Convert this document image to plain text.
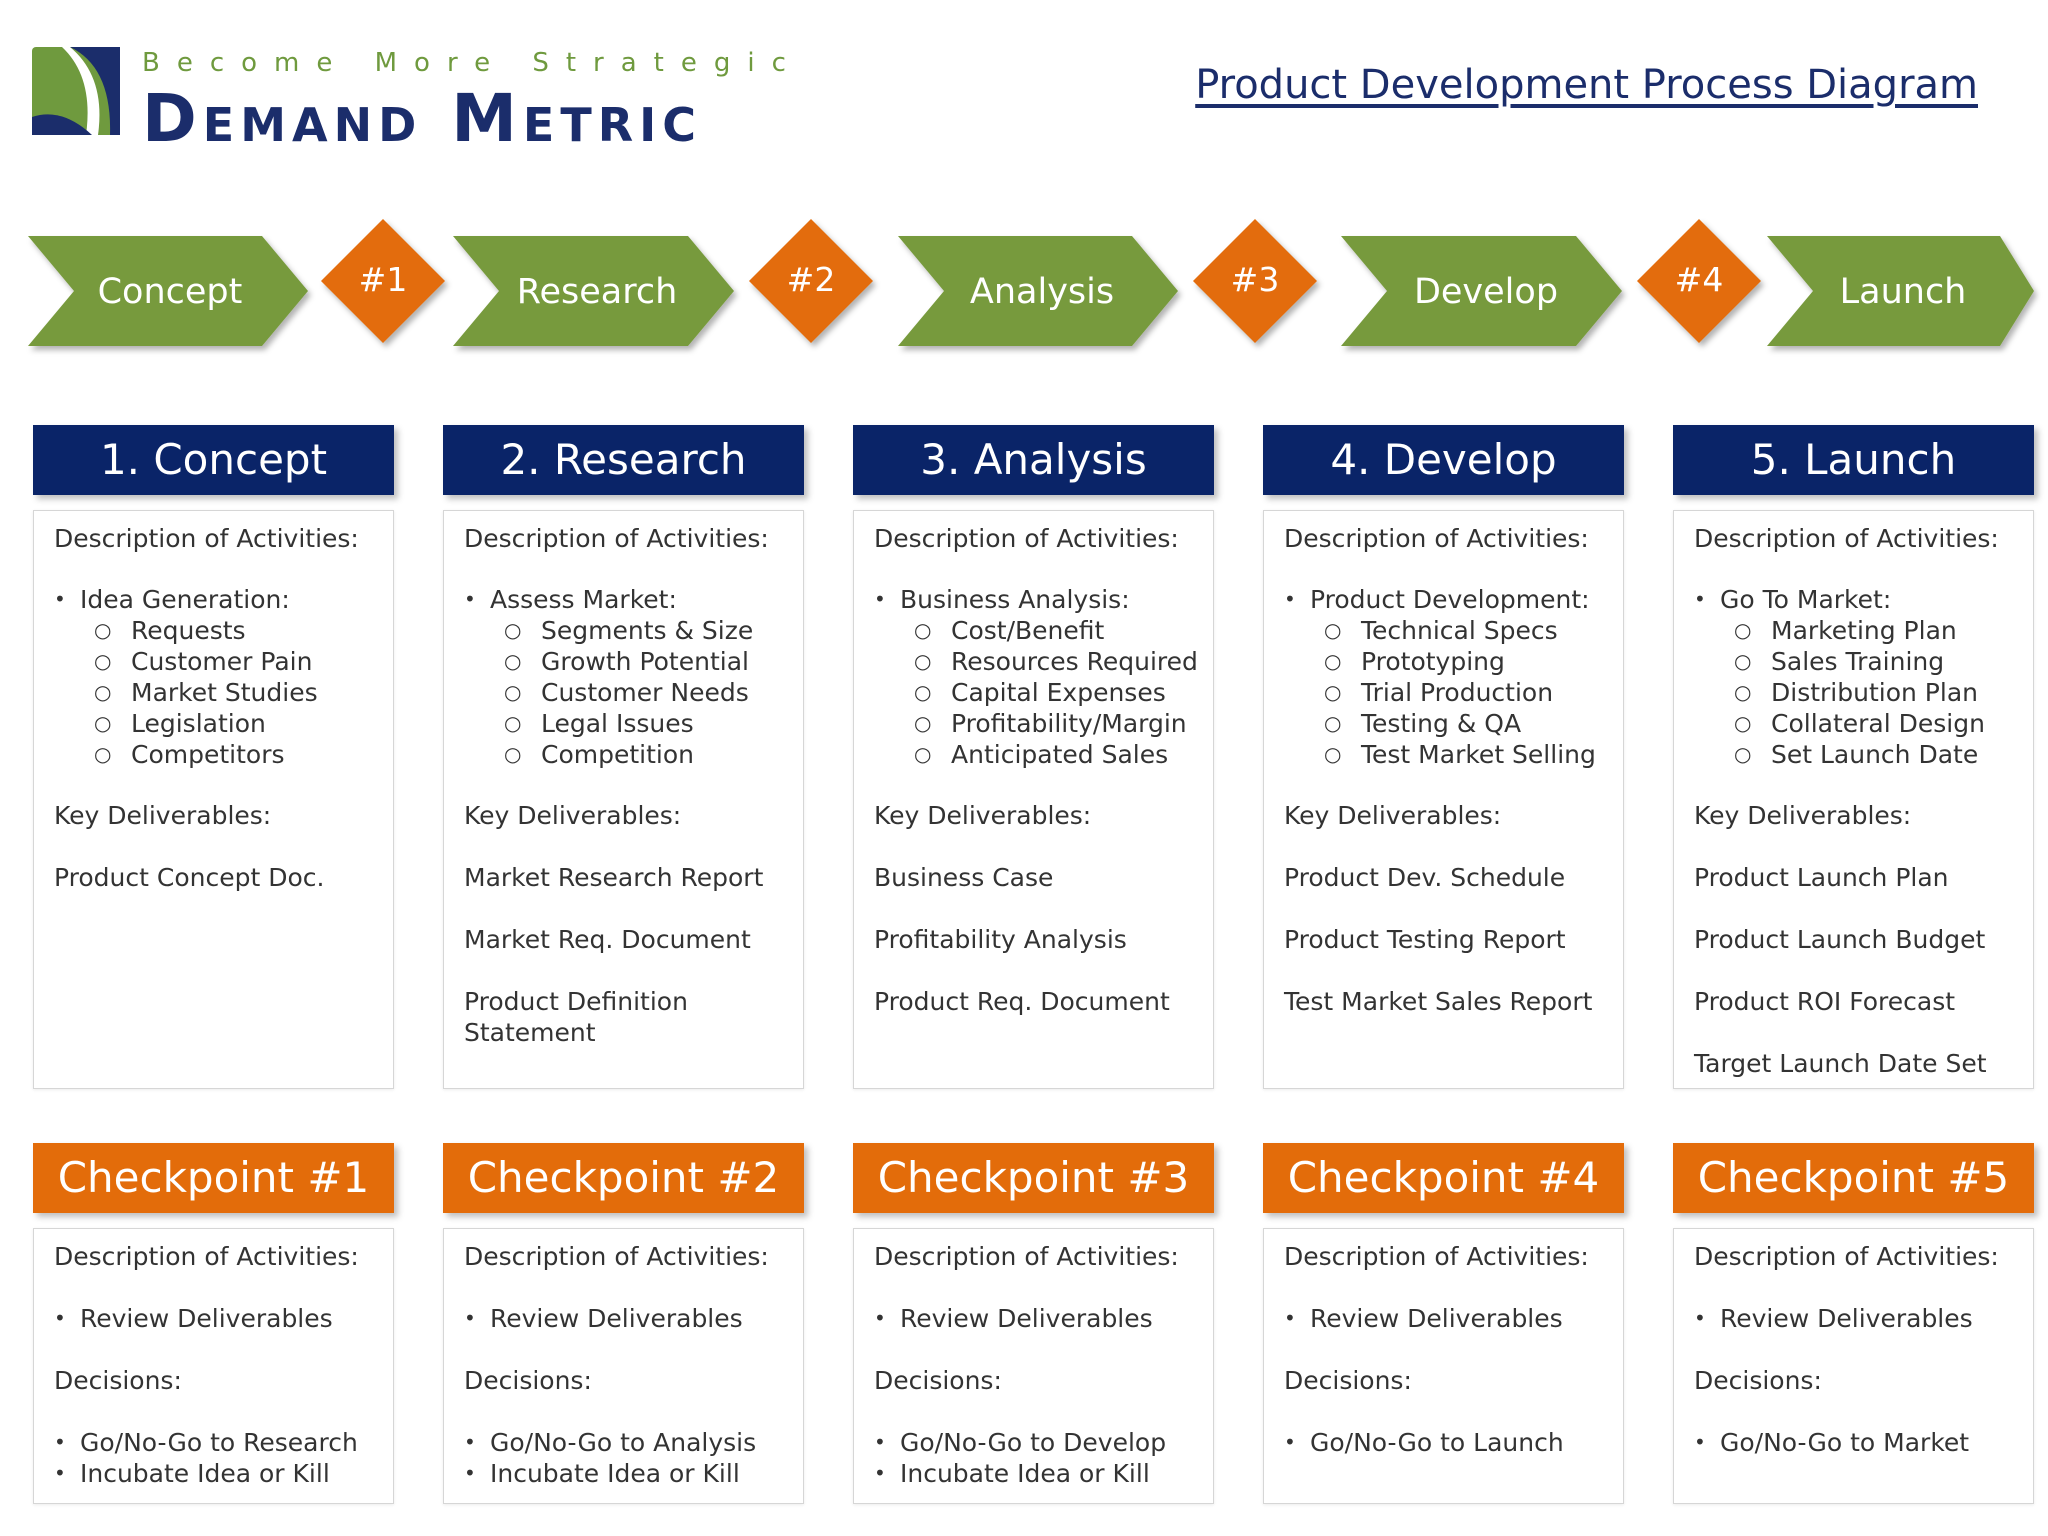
Become More Strategic
Demand Metric	Product Development Process Diagram
Concept	Research	Analysis	Develop	Launch
#1	#2	#3	#4
1. Concept
Description of Activities:
• Idea Generation:
○ Requests
○ Customer Pain
○ Market Studies
○ Legislation
○ Competitors
Key Deliverables:
Product Concept Doc.
Checkpoint #1
Description of Activities:
• Review Deliverables
Decisions:
• Go/No-Go to Research
• Incubate Idea or Kill
2. Research
Description of Activities:
• Assess Market:
○ Segments & Size
○ Growth Potential
○ Customer Needs
○ Legal Issues
○ Competition
Key Deliverables:
Market Research Report
Market Req. Document
Product Definition Statement
Checkpoint #2
Description of Activities:
• Review Deliverables
Decisions:
• Go/No-Go to Analysis
• Incubate Idea or Kill
3. Analysis
Description of Activities:
• Business Analysis:
○ Cost/Benefit
○ Resources Required
○ Capital Expenses
○ Profitability/Margin
○ Anticipated Sales
Key Deliverables:
Business Case
Profitability Analysis
Product Req. Document
Checkpoint #3
Description of Activities:
• Review Deliverables
Decisions:
• Go/No-Go to Develop
• Incubate Idea or Kill
4. Develop
Description of Activities:
• Product Development:
○ Technical Specs
○ Prototyping
○ Trial Production
○ Testing & QA
○ Test Market Selling
Key Deliverables:
Product Dev. Schedule
Product Testing Report
Test Market Sales Report
Checkpoint #4
Description of Activities:
• Review Deliverables
Decisions:
• Go/No-Go to Launch
5. Launch
Description of Activities:
• Go To Market:
○ Marketing Plan
○ Sales Training
○ Distribution Plan
○ Collateral Design
○ Set Launch Date
Key Deliverables:
Product Launch Plan
Product Launch Budget
Product ROI Forecast
Target Launch Date Set
Checkpoint #5
Description of Activities:
• Review Deliverables
Decisions:
• Go/No-Go to Market
